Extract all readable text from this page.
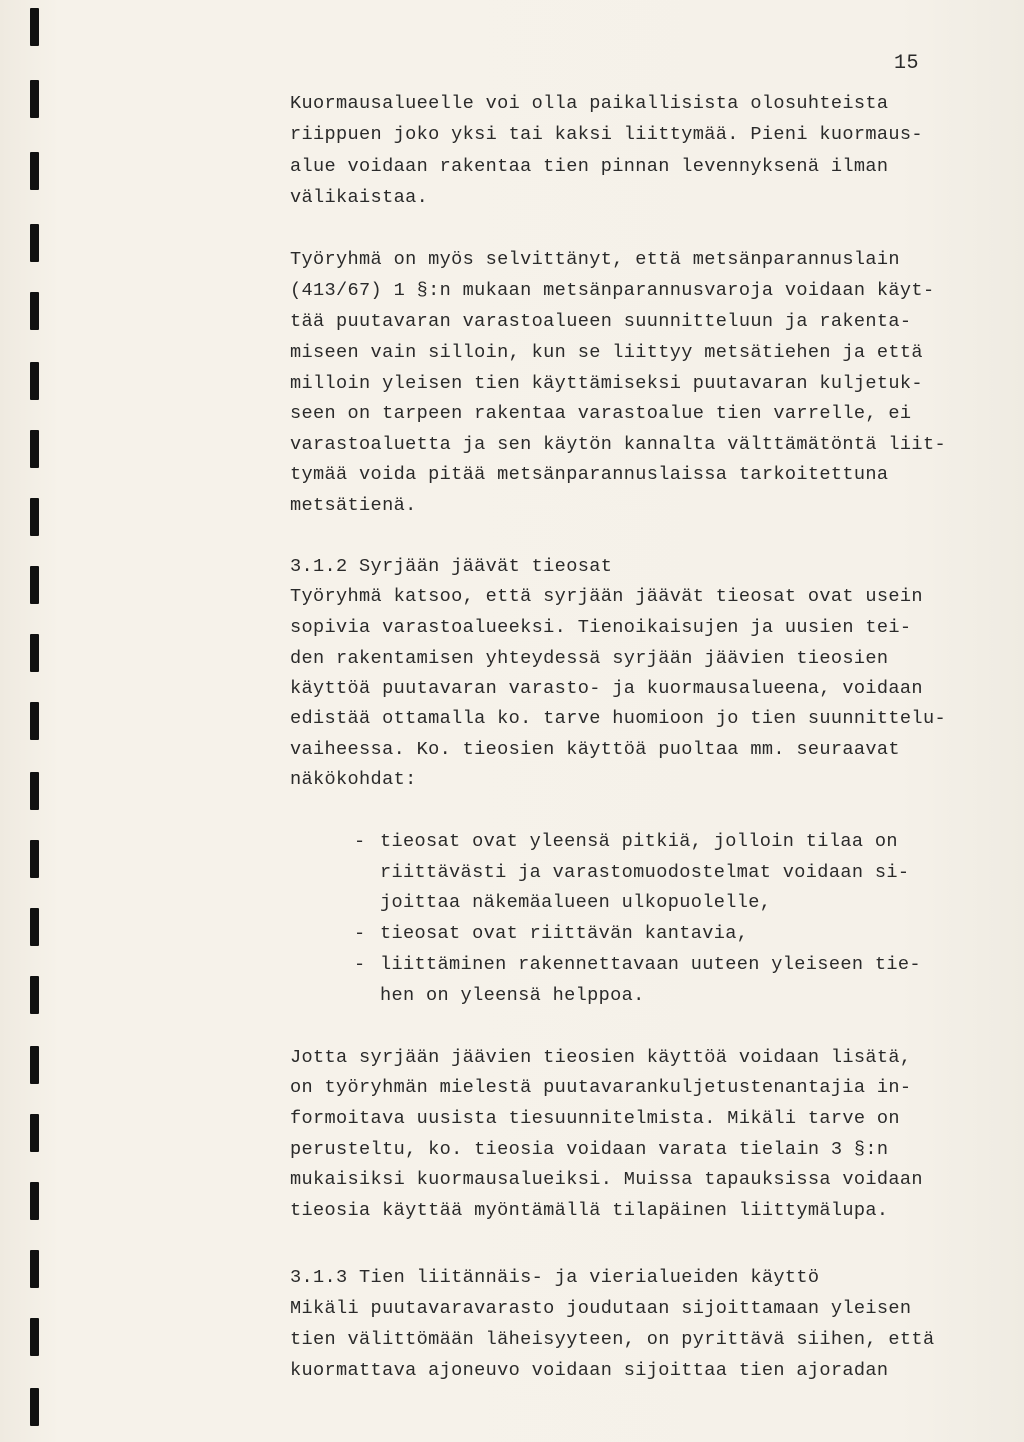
15
Kuormausalueelle voi olla paikallisista olosuhteista
riippuen joko yksi tai kaksi liittymää. Pieni kuormaus-
alue voidaan rakentaa tien pinnan levennyksenä ilman
välikaistaa.
Työryhmä on myös selvittänyt, että metsänparannuslain
(413/67) 1 §:n mukaan metsänparannusvaroja voidaan käyt-
tää puutavaran varastoalueen suunnitteluun ja rakenta-
miseen vain silloin, kun se liittyy metsätiehen ja että
milloin yleisen tien käyttämiseksi puutavaran kuljetuk-
seen on tarpeen rakentaa varastoalue tien varrelle, ei
varastoaluetta ja sen käytön kannalta välttämätöntä liit-
tymää voida pitää metsänparannuslaissa tarkoitettuna
metsätienä.
3.1.2 Syrjään jäävät tieosat
Työryhmä katsoo, että syrjään jäävät tieosat ovat usein
sopivia varastoalueeksi. Tienoikaisujen ja uusien tei-
den rakentamisen yhteydessä syrjään jäävien tieosien
käyttöä puutavaran varasto- ja kuormausalueena, voidaan
edistää ottamalla ko. tarve huomioon jo tien suunnittelu-
vaiheessa. Ko. tieosien käyttöä puoltaa mm. seuraavat
näkökohdat:
- tieosat ovat yleensä pitkiä, jolloin tilaa on
riittävästi ja varastomuodostelmat voidaan si-
joittaa näkemäalueen ulkopuolelle,
- tieosat ovat riittävän kantavia,
- liittäminen rakennettavaan uuteen yleiseen tie-
hen on yleensä helppoa.
Jotta syrjään jäävien tieosien käyttöä voidaan lisätä,
on työryhmän mielestä puutavarankuljetustenantajia in-
formoitava uusista tiesuunnitelmista. Mikäli tarve on
perusteltu, ko. tieosia voidaan varata tielain 3 §:n
mukaisiksi kuormausalueiksi. Muissa tapauksissa voidaan
tieosia käyttää myöntämällä tilapäinen liittymälupa.
3.1.3 Tien liitännäis- ja vierialueiden käyttö
Mikäli puutavaravarasto joudutaan sijoittamaan yleisen
tien välittömään läheisyyteen, on pyrittävä siihen, että
kuormattava ajoneuvo voidaan sijoittaa tien ajoradan
